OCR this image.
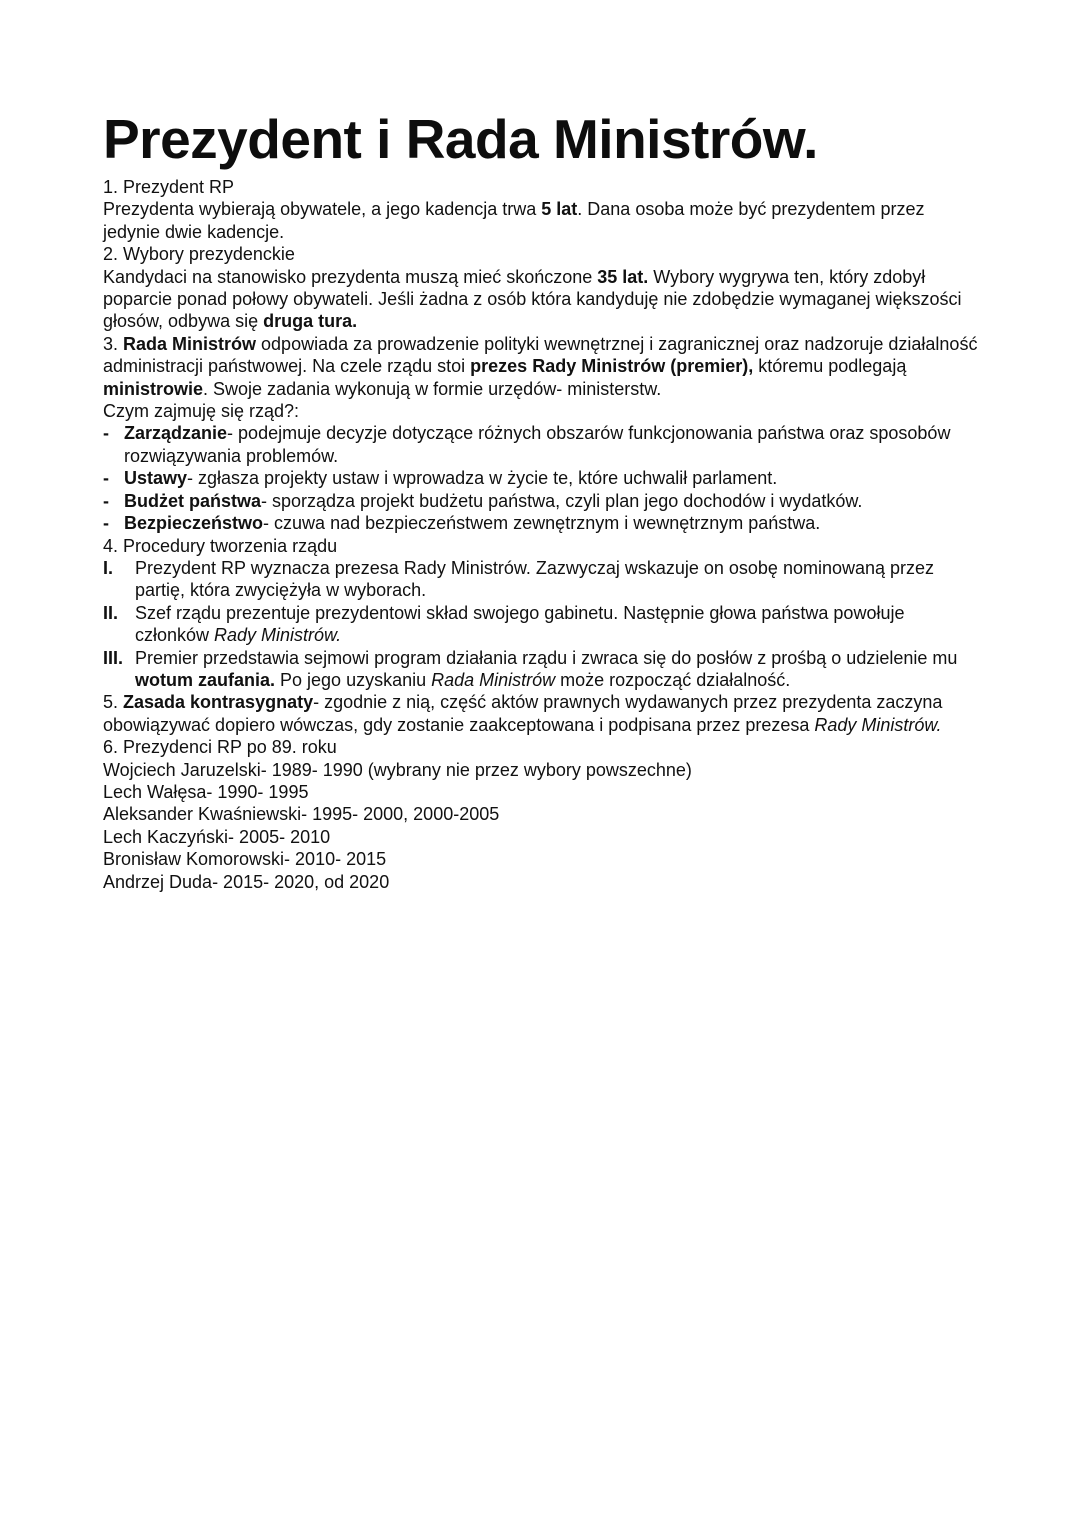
Prezydent i Rada Ministrów.

1. Prezydent RP

Prezydenta wybierają obywatele, a jego kadencja trwa 5 lat. Dana osoba może być prezydentem przez jedynie dwie kadencje.

2. Wybory prezydenckie

Kandydaci na stanowisko prezydenta muszą mieć skończone 35 lat. Wybory wygrywa ten, który zdobył poparcie ponad połowy obywateli. Jeśli żadna z osób która kandyduję nie zdobędzie wymaganej większości głosów, odbywa się druga tura.

3. Rada Ministrów odpowiada za prowadzenie polityki wewnętrznej i zagranicznej oraz nadzoruje działalność administracji państwowej. Na czele rządu stoi prezes Rady Ministrów (premier), któremu podlegają ministrowie. Swoje zadania wykonują w formie urzędów- ministerstw.

Czym zajmuję się rząd?:

- Zarządzanie- podejmuje decyzje dotyczące różnych obszarów funkcjonowania państwa oraz sposobów rozwiązywania problemów.
- Ustawy- zgłasza projekty ustaw i wprowadza w życie te, które uchwalił parlament.
- Budżet państwa- sporządza projekt budżetu państwa, czyli plan jego dochodów i wydatków.
- Bezpieczeństwo- czuwa nad bezpieczeństwem zewnętrznym i wewnętrznym państwa.

4. Procedury tworzenia rządu

I.	Prezydent RP wyznacza prezesa Rady Ministrów. Zazwyczaj wskazuje on osobę nominowaną przez partię, która zwyciężyła w wyborach.
II. Szef rządu prezentuje prezydentowi skład swojego gabinetu. Następnie głowa państwa powołuje członków Rady Ministrów.
III. Premier przedstawia sejmowi program działania rządu i zwraca się do posłów z prośbą o udzielenie mu wotum zaufania. Po jego uzyskaniu Rada Ministrów może rozpocząć działalność.

5. Zasada kontrasygnaty- zgodnie z nią, część aktów prawnych wydawanych przez prezydenta zaczyna obowiązywać dopiero wówczas, gdy zostanie zaakceptowana i podpisana przez prezesa Rady Ministrów.

6. Prezydenci RP po 89. roku

Wojciech Jaruzelski- 1989- 1990 (wybrany nie przez wybory powszechne)

Lech Wałęsa- 1990- 1995

Aleksander Kwaśniewski- 1995- 2000, 2000-2005

Lech Kaczyński- 2005- 2010

Bronisław Komorowski- 2010- 2015

Andrzej Duda- 2015- 2020, od 2020
